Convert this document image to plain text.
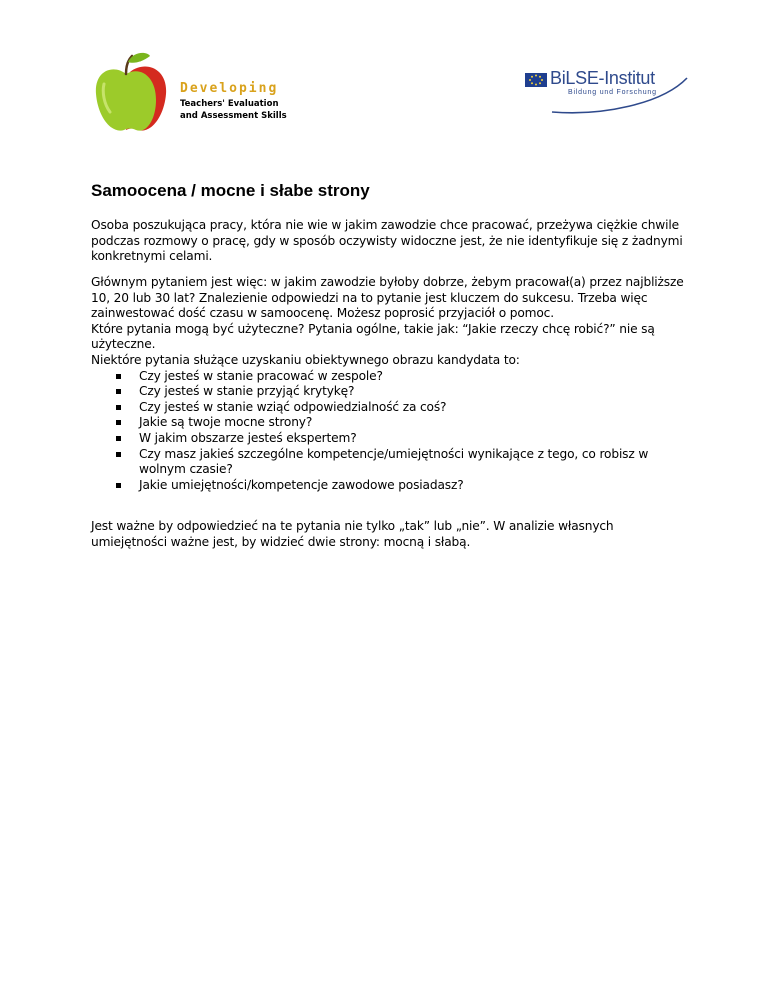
Developing
Teachers' Evaluation
and Assessment Skills
BiLSE-Institut
Bildung und Forschung
Samoocena / mocne i słabe strony

Osoba poszukująca pracy, która nie wie w jakim zawodzie chce pracować, przeżywa ciężkie chwile podczas rozmowy o pracę, gdy w sposób oczywisty widoczne jest, że nie identyfikuje się z żadnymi konkretnymi celami.

Głównym pytaniem jest więc: w jakim zawodzie byłoby dobrze, żebym pracował(a) przez najbliższe 10, 20 lub 30 lat? Znalezienie odpowiedzi na to pytanie jest kluczem do sukcesu. Trzeba więc zainwestować dość czasu w samoocenę. Możesz poprosić przyjaciół o pomoc.
Które pytania mogą być użyteczne? Pytania ogólne, takie jak: “Jakie rzeczy chcę robić?” nie są użyteczne.
Niektóre pytania służące uzyskaniu obiektywnego obrazu kandydata to:
Czy jesteś w stanie pracować w zespole?
Czy jesteś w stanie przyjąć krytykę?
Czy jesteś w stanie wziąć odpowiedzialność za coś?
Jakie są twoje mocne strony?
W jakim obszarze jesteś ekspertem?
Czy masz jakieś szczególne kompetencje/umiejętności wynikające z tego, co robisz w wolnym czasie?
Jakie umiejętności/kompetencje zawodowe posiadasz?

Jest ważne by odpowiedzieć na te pytania nie tylko „tak” lub „nie”. W analizie własnych umiejętności ważne jest, by widzieć dwie strony: mocną i słabą.
